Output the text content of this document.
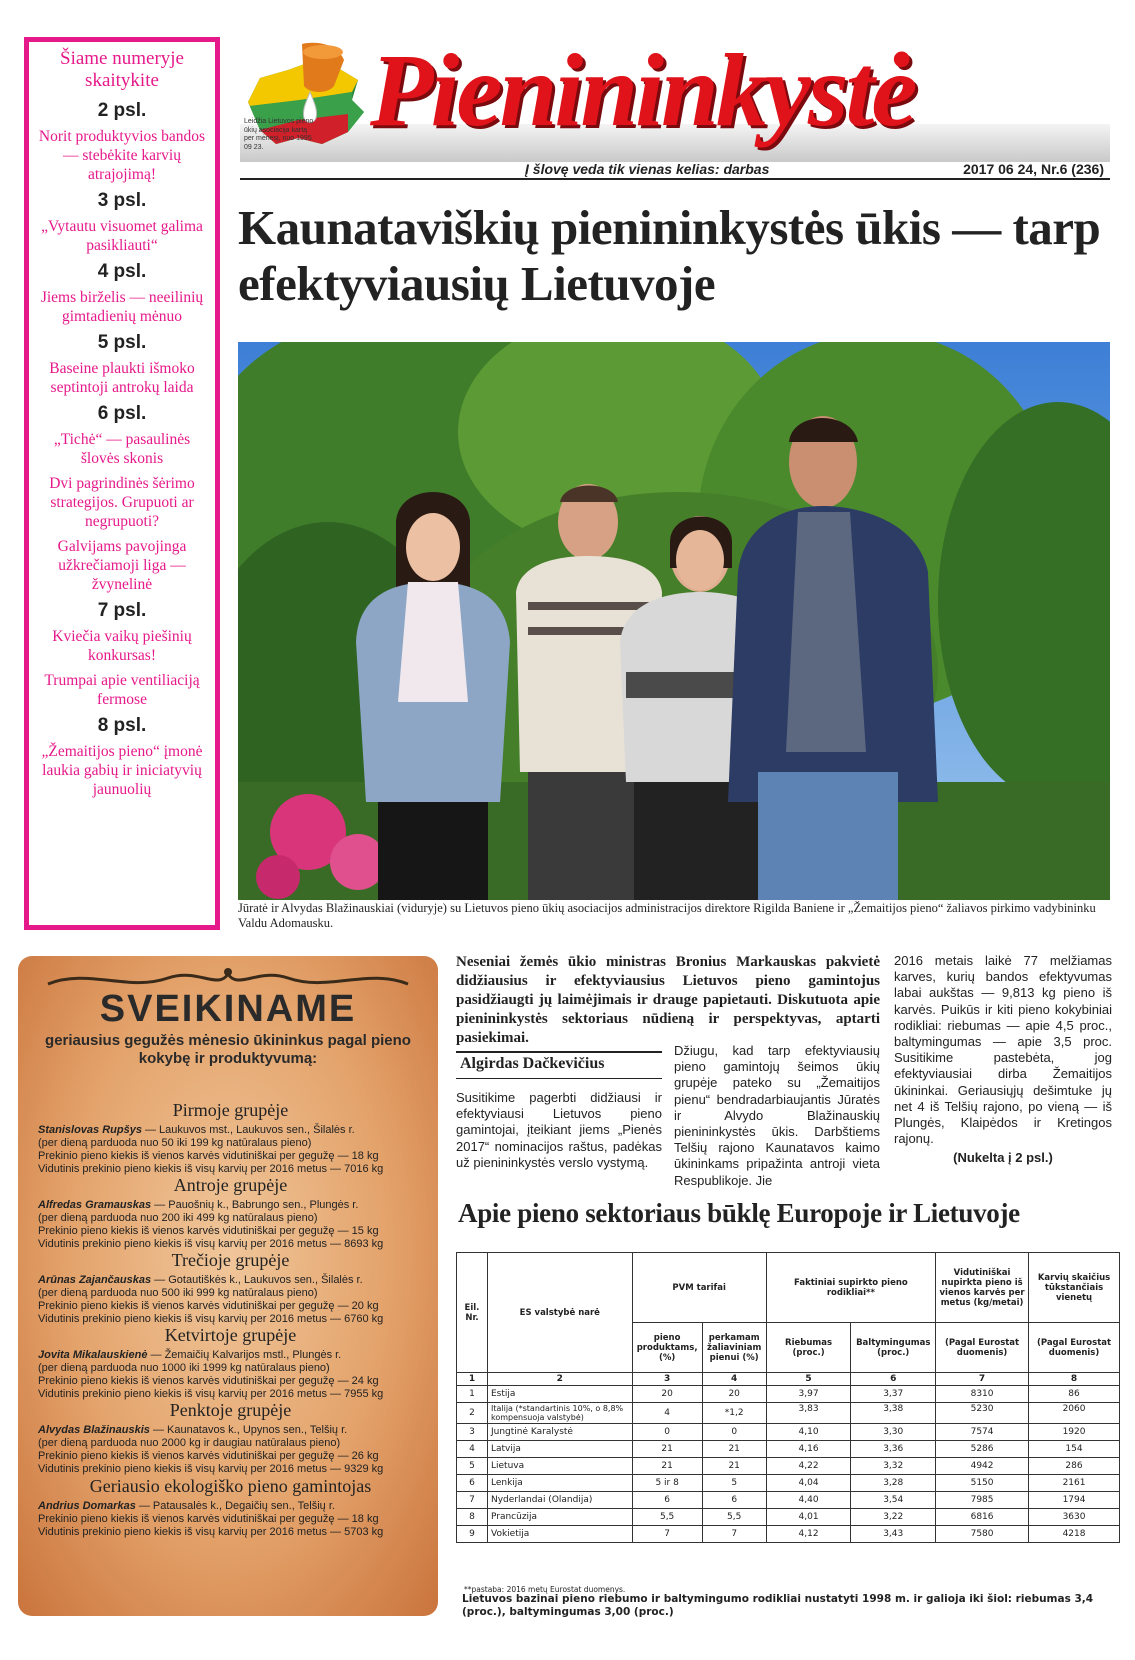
Šiame numeryje skaitykite
2 psl.
Norit produktyvios bandos — stebėkite karvių atrajojimą!
3 psl.
„Vytautu visuomet galima pasikliauti“
4 psl.
Jiems birželis — neeilinių gimtadienių mėnuo
5 psl.
Baseine plaukti išmoko septintoji antrokų laida
6 psl.
„Tichė“ — pasaulinės šlovės skonis
Dvi pagrindinės šėrimo strategijos. Grupuoti ar negrupuoti?
Galvijams pavojinga užkrečiamoji liga — žvynelinė
7 psl.
Kviečia vaikų piešinių konkursas!
Trumpai apie ventiliaciją fermose
8 psl.
„Žemaitijos pieno“ įmonė laukia gabių ir iniciatyvių jaunuolių
Leidžia Lietuvos pieno ūkių asociacija kartą per mėnesį, nuo 1995 09 23.	Pienininkystė
Į šlovę veda tik vienas kelias: darbas	2017 06 24, Nr.6 (236)
Kaunataviškių pienininkystės ūkis — tarp efektyviausių Lietuvoje
Jūratė ir Alvydas Blažinauskiai (viduryje) su Lietuvos pieno ūkių asociacijos administracijos direktore Rigilda Baniene ir „Žemaitijos pieno“ žaliavos pirkimo vadybininku Valdu Adomausku.
SVEIKINAME
geriausius gegužės mėnesio ūkininkus pagal pieno kokybę ir produktyvumą:
Pirmoje grupėje
Stanislovas Rupšys — Laukuvos mst., Laukuvos sen., Šilalės r.
(per dieną parduoda nuo 50 iki 199 kg natūralaus pieno)
Prekinio pieno kiekis iš vienos karvės vidutiniškai per gegužę — 18 kg
Vidutinis prekinio pieno kiekis iš visų karvių per 2016 metus — 7016 kg
Antroje grupėje
Alfredas Gramauskas — Pauošnių k., Babrungo sen., Plungės r.
(per dieną parduoda nuo 200 iki 499 kg natūralaus pieno)
Prekinio pieno kiekis iš vienos karvės vidutiniškai per gegužę — 15 kg
Vidutinis prekinio pieno kiekis iš visų karvių per 2016 metus — 8693 kg
Trečioje grupėje
Arūnas Zajančauskas — Gotautiškės k., Laukuvos sen., Šilalės r.
(per dieną parduoda nuo 500 iki 999 kg natūralaus pieno)
Prekinio pieno kiekis iš vienos karvės vidutiniškai per gegužę — 20 kg
Vidutinis prekinio pieno kiekis iš visų karvių per 2016 metus — 6760 kg
Ketvirtoje grupėje
Jovita Mikalauskienė — Žemaičių Kalvarijos mstl., Plungės r.
(per dieną parduoda nuo 1000 iki 1999 kg natūralaus pieno)
Prekinio pieno kiekis iš vienos karvės vidutiniškai per gegužę — 24 kg
Vidutinis prekinio pieno kiekis iš visų karvių per 2016 metus — 7955 kg
Penktoje grupėje
Alvydas Blažinauskis — Kaunatavos k., Upynos sen., Telšių r.
(per dieną parduoda nuo 2000 kg ir daugiau natūralaus pieno)
Prekinio pieno kiekis iš vienos karvės vidutiniškai per gegužę — 26 kg
Vidutinis prekinio pieno kiekis iš visų karvių per 2016 metus — 9329 kg
Geriausio ekologiško pieno gamintojas
Andrius Domarkas — Patausalės k., Degaičių sen., Telšių r.
Prekinio pieno kiekis iš vienos karvės vidutiniškai per gegužę — 18 kg
Vidutinis prekinio pieno kiekis iš visų karvių per 2016 metus — 5703 kg
Neseniai žemės ūkio ministras Bronius Markauskas pakvietė didžiausius ir efektyviausius Lietuvos pieno gamintojus pasidžiaugti jų laimėjimais ir drauge papietauti. Diskutuota apie pienininkystės sektoriaus nūdieną ir perspektyvas, aptarti pasiekimai.
Algirdas Dačkevičius
Susitikime pagerbti didžiausi ir efektyviausi Lietuvos pieno gamintojai, įteikiant jiems „Pienės 2017“ nominacijos raštus, padėkas už pienininkystės verslo vystymą.
Džiugu, kad tarp efektyviausių pieno gamintojų šeimos ūkių grupėje pateko su „Žemaitijos pienu“ bendradarbiaujantis Jūratės ir Alvydo Blažinauskių pienininkystės ūkis. Darbštiems Telšių rajono Kaunatavos kaimo ūkininkams pripažinta antroji vieta Respublikoje. Jie
2016 metais laikė 77 melžiamas karves, kurių bandos efektyvumas labai aukštas — 9,813 kg pieno iš karvės. Puikūs ir kiti pieno kokybiniai rodikliai: riebumas — apie 4,5 proc., baltymingumas — apie 3,5 proc. Susitikime pastebėta, jog efektyviausiai dirba Žemaitijos ūkininkai. Geriausiųjų dešimtuke jų net 4 iš Telšių rajono, po vieną — iš Plungės, Klaipėdos ir Kretingos rajonų.
(Nukelta į 2 psl.)
Apie pieno sektoriaus būklę Europoje ir Lietuvoje
Eil. Nr.	ES valstybė narė	PVM tarifai		Faktiniai supirkto pieno rodikliai**		Vidutiniškai nupirkta pieno iš vienos karvės per metus (kg/metai)	Karvių skaičius tūkstančiais vienetų
		pieno produktams, (%)	perkamam žaliaviniam pienui (%)	Riebumas (proc.)	Baltymingumas (proc.)	(Pagal Eurostat duomenis)	(Pagal Eurostat duomenis)
1	2	3	4	5	6	7	8
1	Estija	20	20	3,97	3,37	8310	86
2	Italija (*standartinis 10%, o 8,8% kompensuoja valstybė)	4	*1,2	3,83	3,38	5230	2060
3	Jungtinė Karalystė	0	0	4,10	3,30	7574	1920
4	Latvija	21	21	4,16	3,36	5286	154
5	Lietuva	21	21	4,22	3,32	4942	286
6	Lenkija	5 ir 8	5	4,04	3,28	5150	2161
7	Nyderlandai (Olandija)	6	6	4,40	3,54	7985	1794
8	Prancūzija	5,5	5,5	4,01	3,22	6816	3630
9	Vokietija	7	7	4,12	3,43	7580	4218
**pastaba: 2016 metų Eurostat duomenys.
Lietuvos bazinai pieno riebumo ir baltymingumo rodikliai nustatyti 1998 m. ir galioja iki šiol: riebumas 3,4 (proc.), baltymingumas 3,00 (proc.)
